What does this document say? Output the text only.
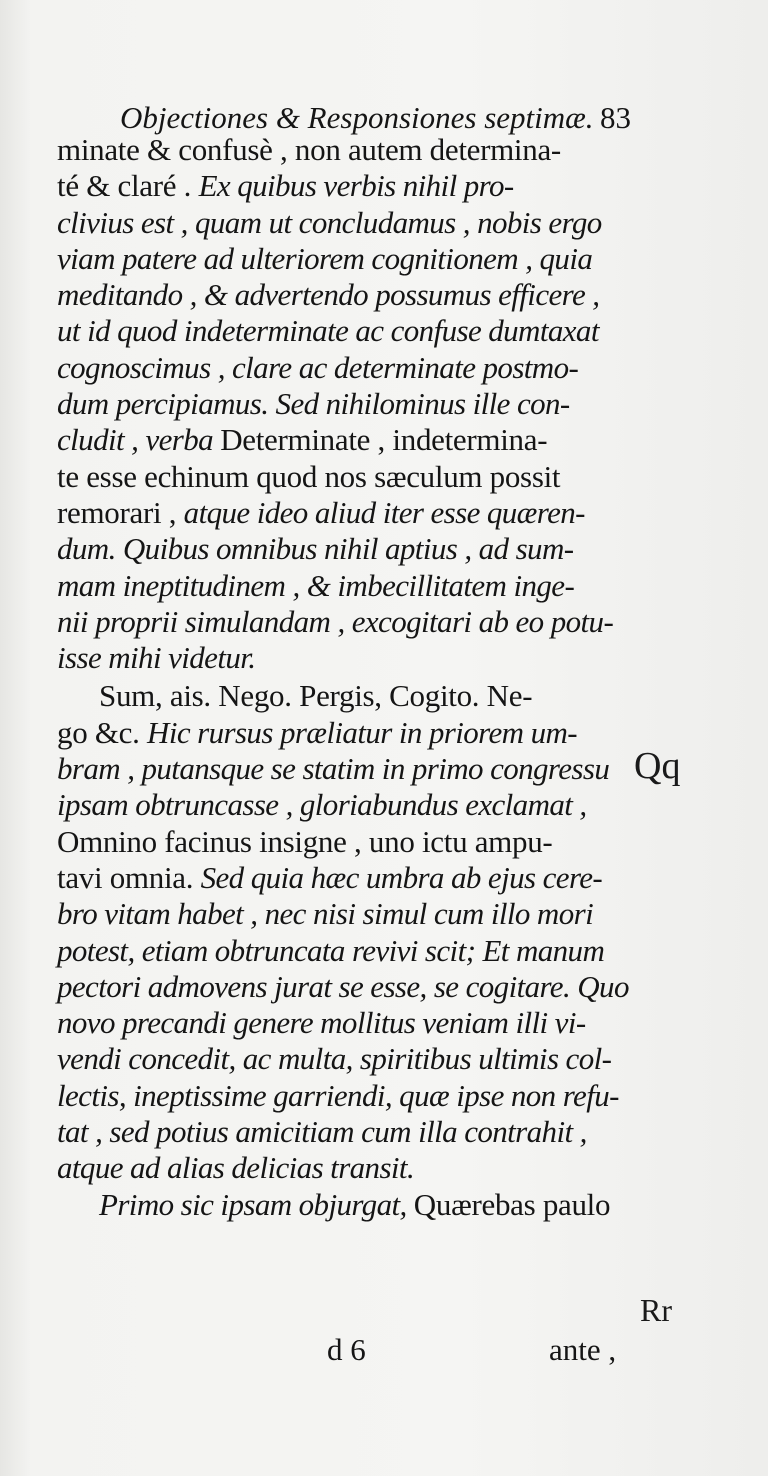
Objectiones & Responsiones septimæ. 83
minate & confusè , non autem determina-
té & claré . Ex quibus verbis nihil pro-
clivius est , quam ut concludamus , nobis ergo
viam patere ad ulteriorem cognitionem , quia
meditando , & advertendo possumus efficere ,
ut id quod indeterminate ac confuse dumtaxat
cognoscimus , clare ac determinate postmo-
dum percipiamus. Sed nihilominus ille con-
cludit , verba Determinate , indetermina-
te esse echinum quod nos sæculum possit
remorari , atque ideo aliud iter esse quæren-
dum. Quibus omnibus nihil aptius , ad sum-
mam ineptitudinem , & imbecillitatem inge-
nii proprii simulandam , excogitari ab eo potu-
isse mihi videtur.
Sum, ais. Nego. Pergis, Cogito. Ne-
go &c. Hic rursus præliatur in priorem um-
bram , putansque se statim in primo congressu
ipsam obtruncasse , gloriabundus exclamat ,
Omnino facinus insigne , uno ictu ampu-
tavi omnia. Sed quia hæc umbra ab ejus cere-
bro vitam habet , nec nisi simul cum illo mori
potest, etiam obtruncata revivi scit; Et manum
pectori admovens jurat se esse, se cogitare. Quo
novo precandi genere mollitus veniam illi vi-
vendi concedit, ac multa, spiritibus ultimis col-
lectis, ineptissime garriendi, quæ ipse non refu-
tat , sed potius amicitiam cum illa contrahit ,
atque ad alias delicias transit.
Primo sic ipsam objurgat, Quærebas paulo
Qq
Rr
d 6	ante ,
